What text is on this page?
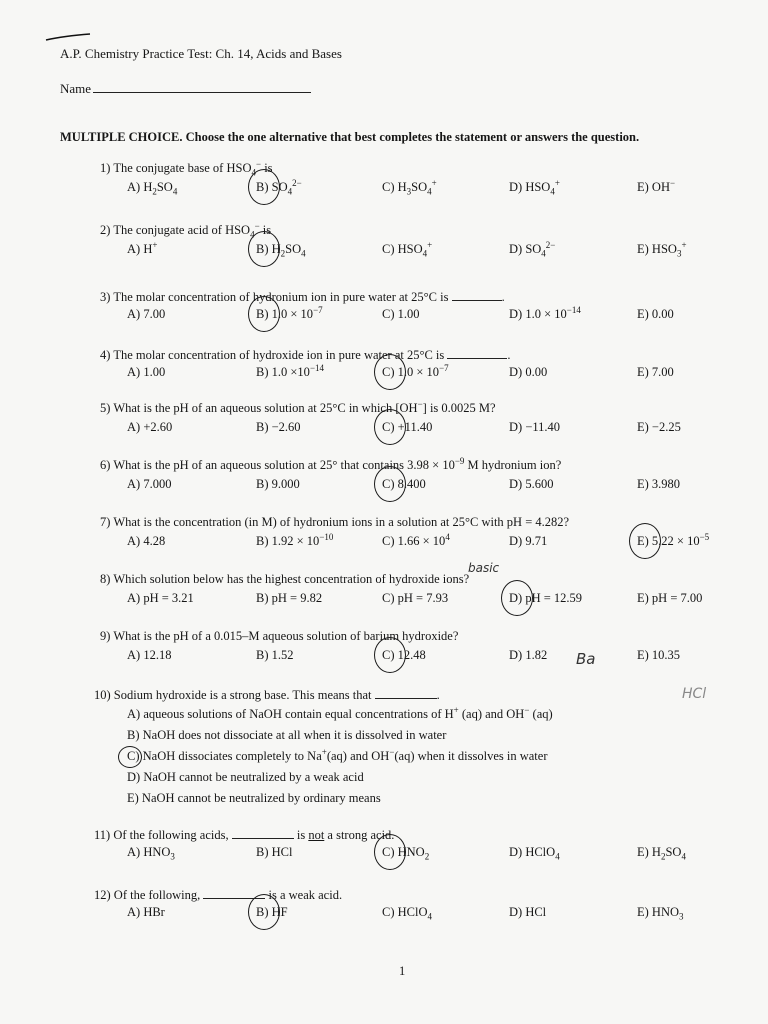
A.P. Chemistry Practice Test: Ch. 14, Acids and Bases
Name
MULTIPLE CHOICE. Choose the one alternative that best completes the statement or answers the question.
1) The conjugate base of $HSO_4^-$ is
A) $H_2SO_4$	B) $SO_4^{2-}$	C) $H_3SO_4^+$	D) $HSO_4^+$	E) OH−
2) The conjugate acid of $HSO_4^-$ is
A) H+	B) $H_2SO_4$	C) $HSO_4^+$	D) $SO_4^{2-}$	E) $HSO_3^+$
3) The molar concentration of hydronium ion in pure water at 25°C is	.
A) 7.00	B) $1.0 \times 10^{-7}$	C) 1.00	D) $1.0 \times 10^{-14}$	E) 0.00
4) The molar concentration of hydroxide ion in pure water at 25°C is	.
A) 1.00	B) $1.0 \times 10^{-14}$	C) $1.0 \times 10^{-7}$	D) 0.00	E) 7.00
5) What is the pH of an aqueous solution at 25°C in which [OH−] is 0.0025 M?
A) +2.60	B) −2.60	C) +11.40	D) −11.40	E) −2.25
6) What is the pH of an aqueous solution at 25° that contains $3.98 \times 10^{-9}$ M hydronium ion?
A) 7.000	B) 9.000	C) 8.400	D) 5.600	E) 3.980
7) What is the concentration (in M) of hydronium ions in a solution at 25°C with pH = 4.282?
A) 4.28	B) $1.92 \times 10^{-10}$	C) $1.66 \times 10^4$	D) 9.71	E) $5.22 \times 10^{-5}$
8) Which solution below has the highest concentration of hydroxide ions?
A) pH = 3.21	B) pH = 9.82	C) pH = 7.93	D) pH = 12.59	E) pH = 7.00
9) What is the pH of a 0.015–M aqueous solution of barium hydroxide?
A) 12.18	B) 1.52	C) 12.48	D) 1.82	E) 10.35
10) Sodium hydroxide is a strong base. This means that	.
A) aqueous solutions of NaOH contain equal concentrations of H+ (aq) and OH− (aq)
B) NaOH does not dissociate at all when it is dissolved in water
C) NaOH dissociates completely to Na+(aq) and OH−(aq) when it dissolves in water
D) NaOH cannot be neutralized by a weak acid
E) NaOH cannot be neutralized by ordinary means
11) Of the following acids,	is not a strong acid.
A) $HNO_3$	B) HCl	C) $HNO_2$	D) HClO$_4$	E) $H_2SO_4$
12) Of the following,	is a weak acid.
A) HBr	B) HF	C) HClO$_4$	D) HCl	E) $HNO_3$
basic
Ba
HCl
1
